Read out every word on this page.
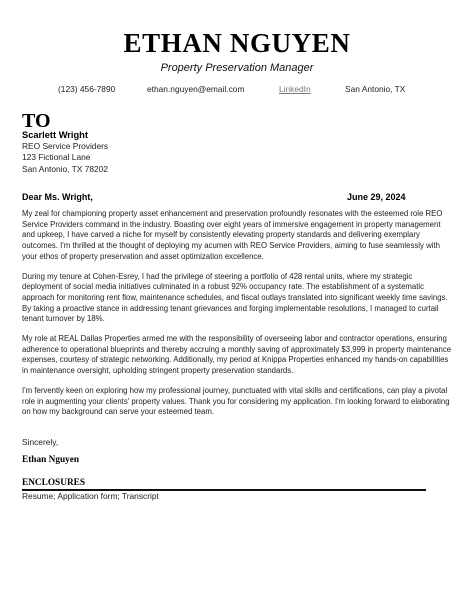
ETHAN NGUYEN
Property Preservation Manager
(123) 456-7890	ethan.nguyen@email.com	LinkedIn	San Antonio, TX
TO
Scarlett Wright
REO Service Providers
123 Fictional Lane
San Antonio, TX 78202
Dear Ms. Wright,	June 29, 2024

My zeal for championing property asset enhancement and preservation profoundly resonates with the esteemed role REO Service Providers command in the industry. Boasting over eight years of immersive engagement in property management and upkeep, I have carved a niche for myself by consistently elevating property standards and delivering exemplary outcomes. I'm thrilled at the thought of deploying my acumen with REO Service Providers, aiming to fuse seamlessly with your ethos of property preservation and asset optimization excellence.

During my tenure at Cohen-Esrey, I had the privilege of steering a portfolio of 428 rental units, where my strategic deployment of social media initiatives culminated in a robust 92% occupancy rate. The establishment of a systematic approach for monitoring rent flow, maintenance schedules, and fiscal outlays translated into significant weekly time savings. By taking a proactive stance in addressing tenant grievances and forging implementable resolutions, I managed to curtail tenant turnover by 18%.

My role at REAL Dallas Properties armed me with the responsibility of overseeing labor and contractor operations, ensuring adherence to operational blueprints and thereby accruing a monthly saving of approximately $3,999 in property maintenance expenses, courtesy of strategic networking. Additionally, my period at Knippa Properties enhanced my hands-on capabilities in maintenance oversight, upholding stringent property preservation standards.

I'm fervently keen on exploring how my professional journey, punctuated with vital skills and certifications, can play a pivotal role in augmenting your clients' property values. Thank you for considering my application. I'm looking forward to elaborating on how my background can serve your esteemed team.

Sincerely,
Ethan Nguyen
ENCLOSURES
Resume; Application form; Transcript
